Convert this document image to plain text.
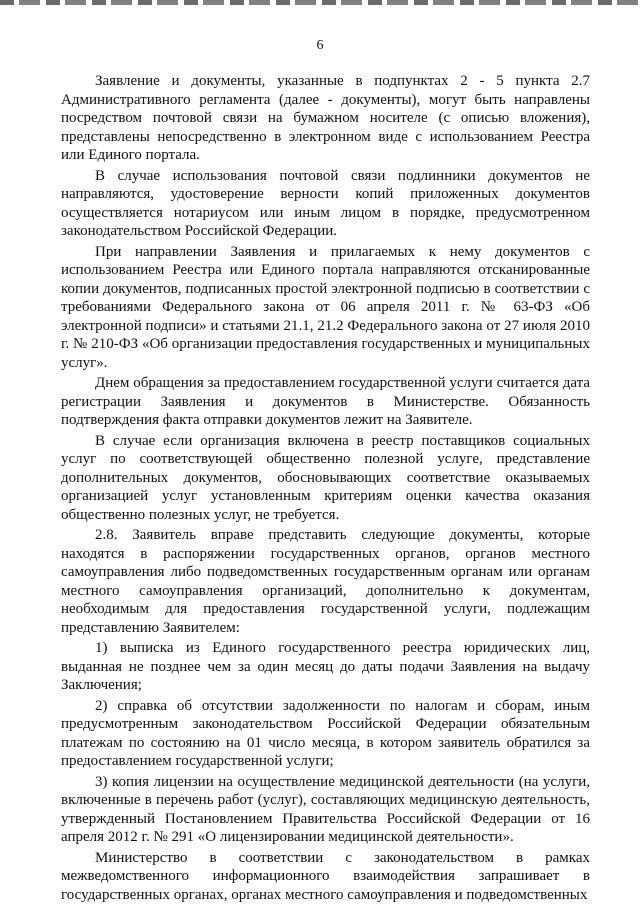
6

Заявление и документы, указанные в подпунктах 2 - 5 пункта 2.7 Административного регламента (далее - документы), могут быть направлены посредством почтовой связи на бумажном носителе (с описью вложения), представлены непосредственно в электронном виде с использованием Реестра или Единого портала.

В случае использования почтовой связи подлинники документов не направляются, удостоверение верности копий приложенных документов осуществляется нотариусом или иным лицом в порядке, предусмотренном законодательством Российской Федерации.

При направлении Заявления и прилагаемых к нему документов с использованием Реестра или Единого портала направляются отсканированные копии документов, подписанных простой электронной подписью в соответствии с требованиями Федерального закона от 06 апреля 2011 г. № 63-ФЗ «Об электронной подписи» и статьями 21.1, 21.2 Федерального закона от 27 июля 2010 г. № 210-ФЗ «Об организации предоставления государственных и муниципальных услуг».

Днем обращения за предоставлением государственной услуги считается дата регистрации Заявления и документов в Министерстве. Обязанность подтверждения факта отправки документов лежит на Заявителе.

В случае если организация включена в реестр поставщиков социальных услуг по соответствующей общественно полезной услуге, представление дополнительных документов, обосновывающих соответствие оказываемых организацией услуг установленным критериям оценки качества оказания общественно полезных услуг, не требуется.

2.8. Заявитель вправе представить следующие документы, которые находятся в распоряжении государственных органов, органов местного самоуправления либо подведомственных государственным органам или органам местного самоуправления организаций, дополнительно к документам, необходимым для предоставления государственной услуги, подлежащим представлению Заявителем:

1) выписка из Единого государственного реестра юридических лиц, выданная не позднее чем за один месяц до даты подачи Заявления на выдачу Заключения;

2) справка об отсутствии задолженности по налогам и сборам, иным предусмотренным законодательством Российской Федерации обязательным платежам по состоянию на 01 число месяца, в котором заявитель обратился за предоставлением государственной услуги;

3) копия лицензии на осуществление медицинской деятельности (на услуги, включенные в перечень работ (услуг), составляющих медицинскую деятельность, утвержденный Постановлением Правительства Российской Федерации от 16 апреля 2012 г. № 291 «О лицензировании медицинской деятельности».

Министерство в соответствии с законодательством в рамках межведомственного информационного взаимодействия запрашивает в государственных органах, органах местного самоуправления и подведомственных
